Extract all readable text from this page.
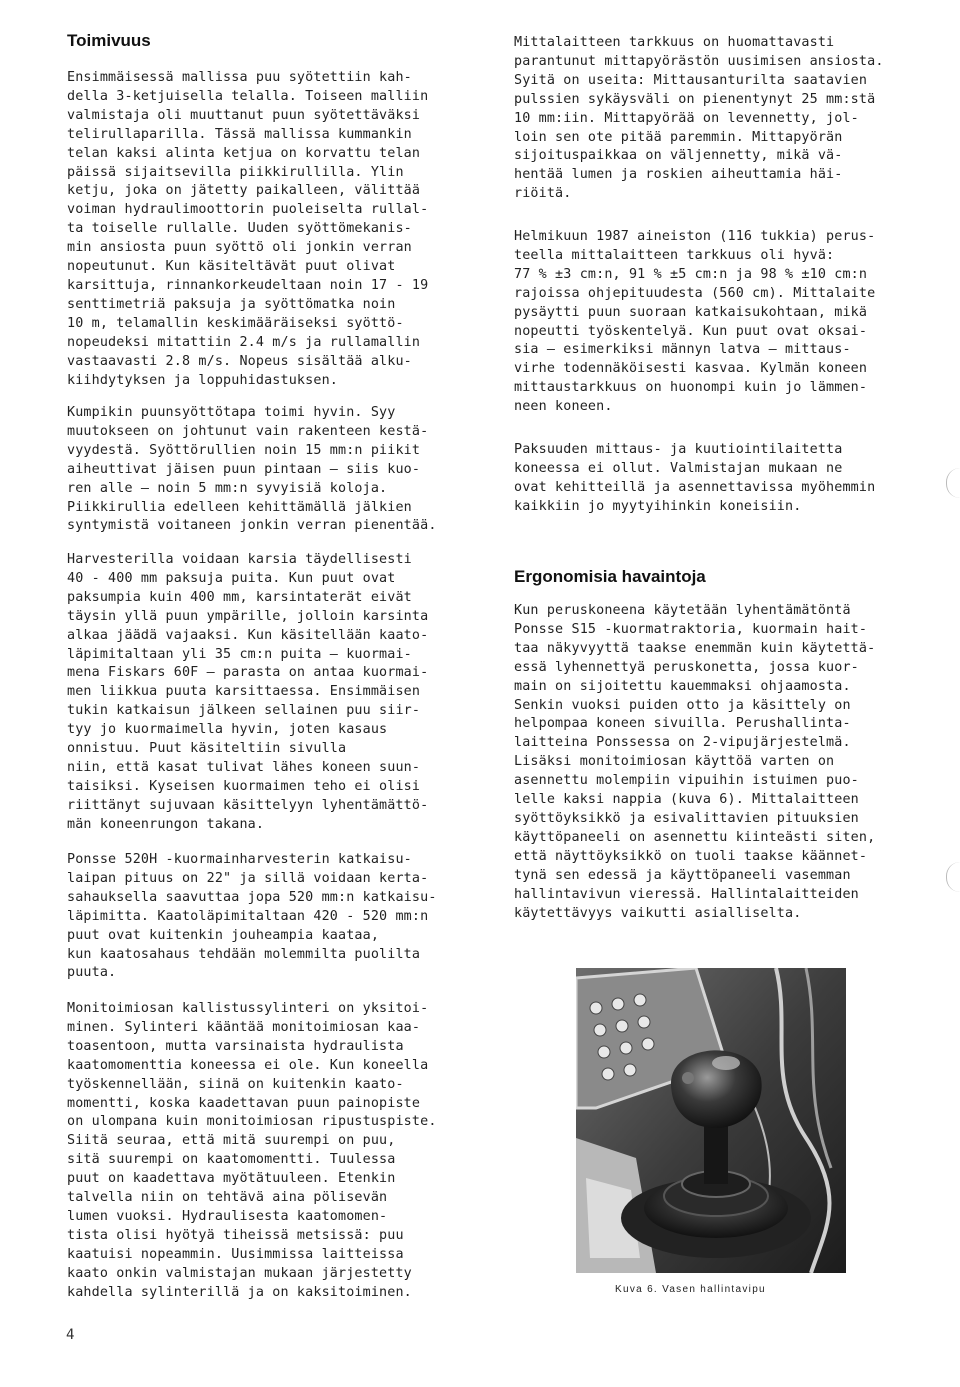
Toimivuus

Ensimmäisessä mallissa puu syötettiin kah-
della 3-ketjuisella telalla. Toiseen malliin
valmistaja oli muuttanut puun syötettäväksi
telirullaparilla. Tässä mallissa kummankin
telan kaksi alinta ketjua on korvattu telan
päissä sijaitsevilla piikkirullilla. Ylin
ketju, joka on jätetty paikalleen, välittää
voiman hydraulimoottorin puoleiselta rullal-
ta toiselle rullalle. Uuden syöttömekanis-
min ansiosta puun syöttö oli jonkin verran
nopeutunut. Kun käsiteltävät puut olivat
karsittuja, rinnankorkeudeltaan noin 17 - 19
senttimetriä paksuja ja syöttömatka noin
10 m, telamallin keskimääräiseksi syöttö-
nopeudeksi mitattiin 2.4 m/s ja rullamallin
vastaavasti 2.8 m/s. Nopeus sisältää alku-
kiihdytyksen ja loppuhidastuksen.

Kumpikin puunsyöttötapa toimi hyvin. Syy
muutokseen on johtunut vain rakenteen kestä-
vyydestä. Syöttörullien noin 15 mm:n piikit
aiheuttivat jäisen puun pintaan — siis kuo-
ren alle — noin 5 mm:n syvyisiä koloja.
Piikkirullia edelleen kehittämällä jälkien
syntymistä voitaneen jonkin verran pienentää.

Harvesterilla voidaan karsia täydellisesti
40 - 400 mm paksuja puita. Kun puut ovat
paksumpia kuin 400 mm, karsintaterät eivät
täysin yllä puun ympärille, jolloin karsinta
alkaa jäädä vajaaksi. Kun käsitellään kaato-
läpimitaltaan yli 35 cm:n puita — kuormai-
mena Fiskars 60F — parasta on antaa kuormai-
men liikkua puuta karsittaessa. Ensimmäisen
tukin katkaisun jälkeen sellainen puu siir-
tyy jo kuormaimella hyvin, joten kasaus
onnistuu. Puut käsiteltiin sivulla
niin, että kasat tulivat lähes koneen suun-
taisiksi. Kyseisen kuormaimen teho ei olisi
riittänyt sujuvaan käsittelyyn lyhentämättö-
män koneenrungon takana.

Ponsse 520H -kuormainharvesterin katkaisu-
laipan pituus on 22" ja sillä voidaan kerta-
sahauksella saavuttaa jopa 520 mm:n katkaisu-
läpimitta. Kaatoläpimitaltaan 420 - 520 mm:n
puut ovat kuitenkin jouheampia kaataa,
kun kaatosahaus tehdään molemmilta puolilta
puuta.

Monitoimiosan kallistussylinteri on yksitoi-
minen. Sylinteri kääntää monitoimiosan kaa-
toasentoon, mutta varsinaista hydraulista
kaatomomenttia koneessa ei ole. Kun koneella
työskennellään, siinä on kuitenkin kaato-
momentti, koska kaadettavan puun painopiste
on ulompana kuin monitoimiosan ripustuspiste.
Siitä seuraa, että mitä suurempi on puu,
sitä suurempi on kaatomomentti. Tuulessa
puut on kaadettava myötätuuleen. Etenkin
talvella niin on tehtävä aina pölisevän
lumen vuoksi. Hydraulisesta kaatomomen-
tista olisi hyötyä tiheissä metsissä: puu
kaatuisi nopeammin. Uusimmissa laitteissa
kaato onkin valmistajan mukaan järjestetty
kahdella sylinterillä ja on kaksitoiminen.

Mittalaitteen tarkkuus on huomattavasti
parantunut mittapyörästön uusimisen ansiosta.
Syitä on useita: Mittausanturilta saatavien
pulssien sykäysväli on pienentynyt 25 mm:stä
10 mm:iin. Mittapyörää on levennetty, jol-
loin sen ote pitää paremmin. Mittapyörän
sijoituspaikkaa on väljennetty, mikä vä-
hentää lumen ja roskien aiheuttamia häi-
riöitä.

Helmikuun 1987 aineiston (116 tukkia) perus-
teella mittalaitteen tarkkuus oli hyvä:
77 % ±3 cm:n, 91 % ±5 cm:n ja 98 % ±10 cm:n
rajoissa ohjepituudesta (560 cm). Mittalaite
pysäytti puun suoraan katkaisukohtaan, mikä
nopeutti työskentelyä. Kun puut ovat oksai-
sia — esimerkiksi männyn latva — mittaus-
virhe todennäköisesti kasvaa. Kylmän koneen
mittaustarkkuus on huonompi kuin jo lämmen-
neen koneen.

Paksuuden mittaus- ja kuutiointilaitetta
koneessa ei ollut. Valmistajan mukaan ne
ovat kehitteillä ja asennettavissa myöhemmin
kaikkiin jo myytyihinkin koneisiin.

Ergonomisia havaintoja

Kun peruskoneena käytetään lyhentämätöntä
Ponsse S15 -kuormatraktoria, kuormain hait-
taa näkyvyyttä taakse enemmän kuin käytettä-
essä lyhennettyä peruskonetta, jossa kuor-
main on sijoitettu kauemmaksi ohjaamosta.
Senkin vuoksi puiden otto ja käsittely on
helpompaa koneen sivuilla. Perushallinta-
laitteina Ponssessa on 2-vipujärjestelmä.
Lisäksi monitoimiosan käyttöä varten on
asennettu molempiin vipuihin istuimen puo-
lelle kaksi nappia (kuva 6). Mittalaitteen
syöttöyksikkö ja esivalittavien pituuksien
käyttöpaneeli on asennettu kiinteästi siten,
että näyttöyksikkö on tuoli taakse käännet-
tynä sen edessä ja käyttöpaneeli vasemman
hallintavivun vieressä. Hallintalaitteiden
käytettävyys vaikutti asialliselta.

Kuva 6. Vasen hallintavipu
4
